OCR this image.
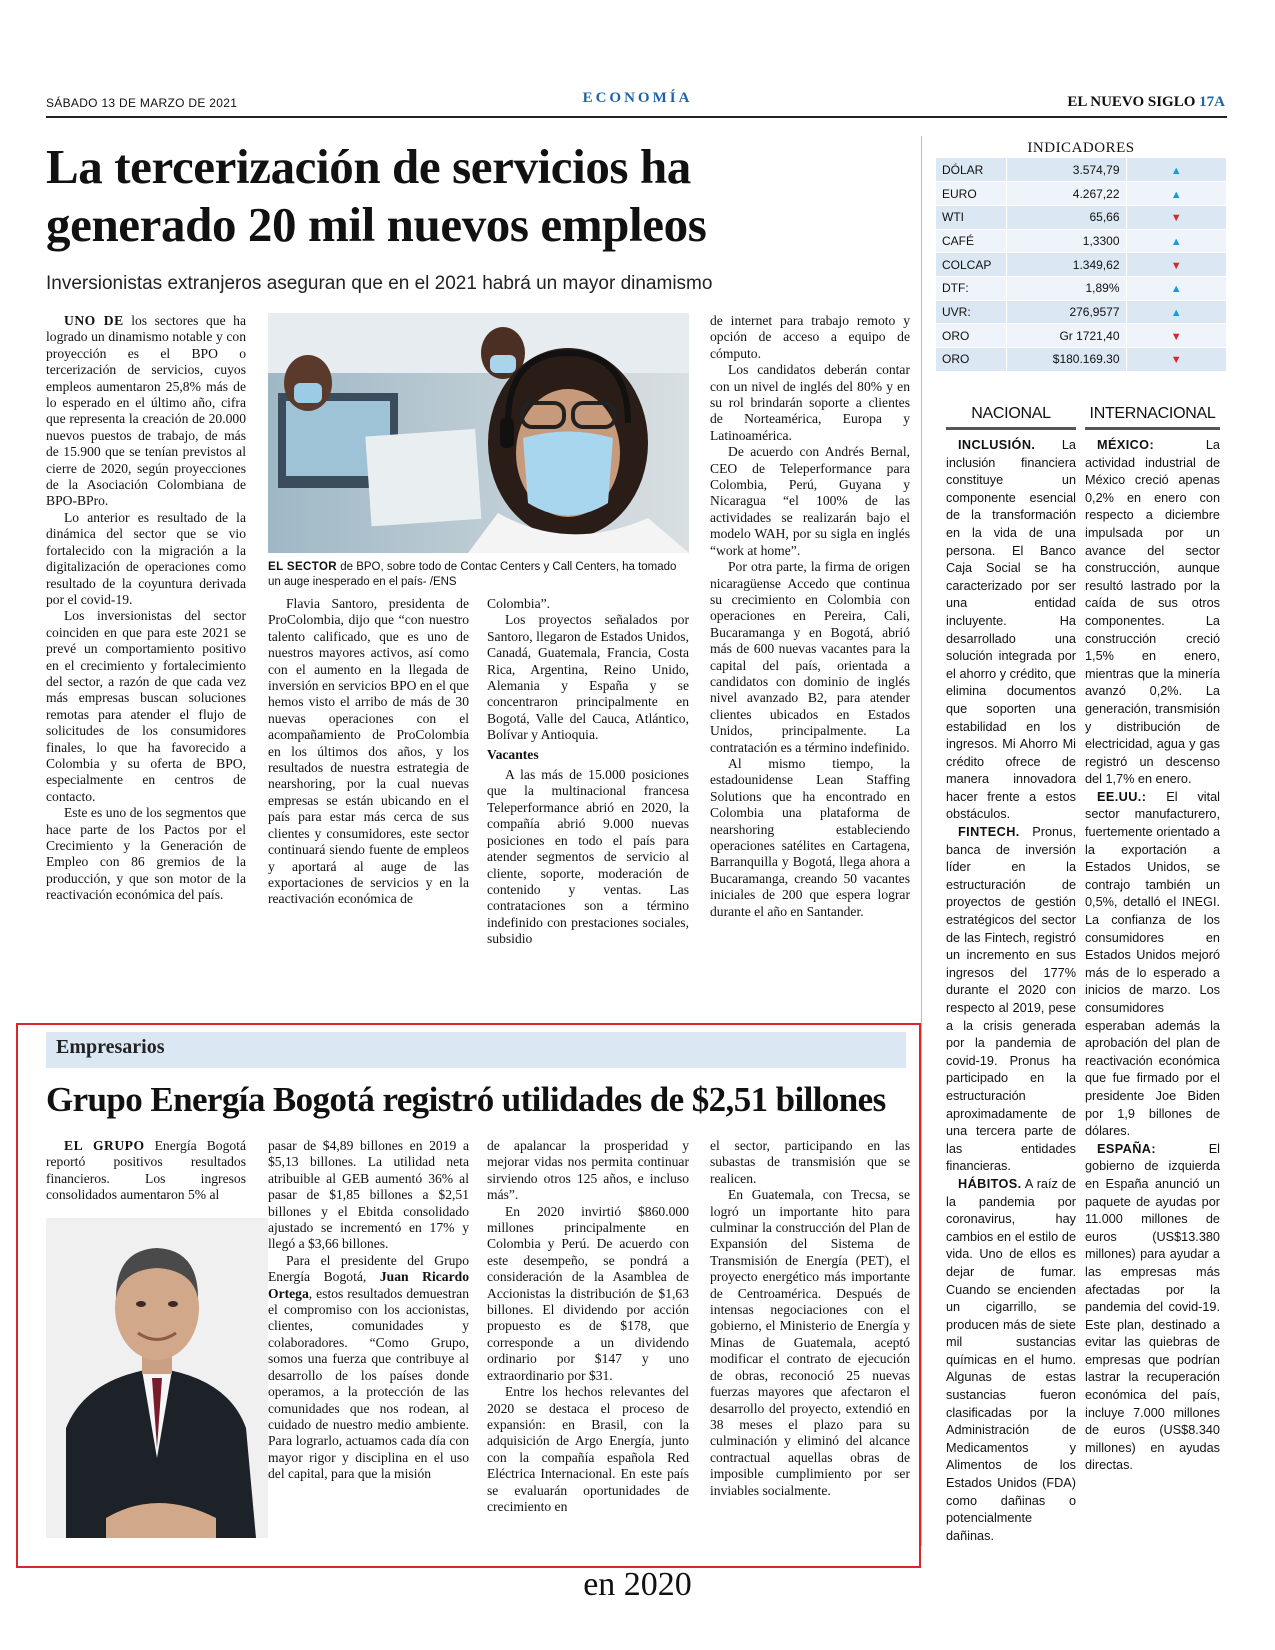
SÁBADO 13 DE MARZO DE 2021	ECONOMÍA	EL NUEVO SIGLO 17A
La tercerización de servicios ha generado 20 mil nuevos empleos
Inversionistas extranjeros aseguran que en el 2021 habrá un mayor dinamismo

UNO DE los sectores que ha logrado un dinamismo notable y con proyección es el BPO o tercerización de servicios, cuyos empleos aumentaron 25,8% más de lo esperado en el último año, cifra que representa la creación de 20.000 nuevos puestos de trabajo, de más de 15.900 que se tenían previstos al cierre de 2020, según proyecciones de la Asociación Colombiana de BPO-BPro.

Lo anterior es resultado de la dinámica del sector que se vio fortalecido con la migración a la digitalización de operaciones como resultado de la coyuntura derivada por el covid-19.

Los inversionistas del sector coinciden en que para este 2021 se prevé un comportamiento positivo en el crecimiento y fortalecimiento del sector, a razón de que cada vez más empresas buscan soluciones remotas para atender el flujo de solicitudes de los consumidores finales, lo que ha favorecido a Colombia y su oferta de BPO, especialmente en centros de contacto.

Este es uno de los segmentos que hace parte de los Pactos por el Crecimiento y la Generación de Empleo con 86 gremios de la producción, y que son motor de la reactivación económica del país.

EL SECTOR de BPO, sobre todo de Contac Centers y Call Centers, ha tomado un auge inesperado en el país- /ENS

Flavia Santoro, presidenta de ProColombia, dijo que “con nuestro talento calificado, que es uno de nuestros mayores activos, así como con el aumento en la llegada de inversión en servicios BPO en el que hemos visto el arribo de más de 30 nuevas operaciones con el acompañamiento de ProColombia en los últimos dos años, y los resultados de nuestra estrategia de nearshoring, por la cual nuevas empresas se están ubicando en el país para estar más cerca de sus clientes y consumidores, este sector continuará siendo fuente de empleos y aportará al auge de las exportaciones de servicios y en la reactivación económica de

Colombia”.

Los proyectos señalados por Santoro, llegaron de Estados Unidos, Canadá, Guatemala, Francia, Costa Rica, Argentina, Reino Unido, Alemania y España y se concentraron principalmente en Bogotá, Valle del Cauca, Atlántico, Bolívar y Antioquia.

Vacantes

A las más de 15.000 posiciones que la multinacional francesa Teleperformance abrió en 2020, la compañía abrió 9.000 nuevas posiciones en todo el país para atender segmentos de servicio al cliente, soporte, moderación de contenido y ventas. Las contrataciones son a término indefinido con prestaciones sociales, subsidio

de internet para trabajo remoto y opción de acceso a equipo de cómputo.

Los candidatos deberán contar con un nivel de inglés del 80% y en su rol brindarán soporte a clientes de Norteamérica, Europa y Latinoamérica.

De acuerdo con Andrés Bernal, CEO de Teleperformance para Colombia, Perú, Guyana y Nicaragua “el 100% de las actividades se realizarán bajo el modelo WAH, por su sigla en inglés “work at home”.

Por otra parte, la firma de origen nicaragüense Accedo que continua su crecimiento en Colombia con operaciones en Pereira, Cali, Bucaramanga y en Bogotá, abrió más de 600 nuevas vacantes para la capital del país, orientada a candidatos con dominio de inglés nivel avanzado B2, para atender clientes ubicados en Estados Unidos, principalmente. La contratación es a término indefinido.

Al mismo tiempo, la estadounidense Lean Staffing Solutions que ha encontrado en Colombia una plataforma de nearshoring estableciendo operaciones satélites en Cartagena, Barranquilla y Bogotá, llega ahora a Bucaramanga, creando 50 vacantes iniciales de 200 que espera lograr durante el año en Santander.

INDICADORES
DÓLAR	3.574,79	▲
EURO	4.267,22	▲
WTI	65,66	▼
CAFÉ	1,3300	▲
COLCAP	1.349,62	▼
DTF:	1,89%	▲
UVR:	276,9577	▲
ORO	Gr 1721,40	▼
ORO	$180.169.30	▼
NACIONAL

INCLUSIÓN. La inclusión financiera constituye un componente esencial de la transformación en la vida de una persona. El Banco Caja Social se ha caracterizado por ser una entidad incluyente. Ha desarrollado una solución integrada por el ahorro y crédito, que elimina documentos que soporten una estabilidad en los ingresos. Mi Ahorro Mi crédito ofrece de manera innovadora hacer frente a estos obstáculos.

FINTECH. Pronus, banca de inversión líder en la estructuración de proyectos de gestión estratégicos del sector de las Fintech, registró un incremento en sus ingresos del 177% durante el 2020 con respecto al 2019, pese a la crisis generada por la pandemia de covid-19. Pronus ha participado en la estructuración aproximadamente de una tercera parte de las entidades financieras.

HÁBITOS. A raíz de la pandemia por coronavirus, hay cambios en el estilo de vida. Uno de ellos es dejar de fumar. Cuando se encienden un cigarrillo, se producen más de siete mil sustancias químicas en el humo. Algunas de estas sustancias fueron clasificadas por la Administración de Medicamentos y Alimentos de los Estados Unidos (FDA) como dañinas o potencialmente dañinas.

INTERNACIONAL

MÉXICO:	La actividad industrial de México creció apenas 0,2% en enero con respecto a diciembre impulsada por un avance del sector construcción, aunque resultó lastrado por la caída de sus otros componentes. La construcción creció 1,5% en enero, mientras que la minería avanzó 0,2%. La generación, transmisión y distribución de electricidad, agua y gas registró un descenso del 1,7% en enero.

EE.UU.: El vital sector manufacturero, fuertemente orientado a la exportación a Estados Unidos, se contrajo también un 0,5%, detalló el INEGI. La confianza de los consumidores en Estados Unidos mejoró más de lo esperado a inicios de marzo. Los consumidores esperaban además la aprobación del plan de reactivación económica que fue firmado por el presidente Joe Biden por 1,9 billones de dólares.

ESPAÑA:	El gobierno de izquierda en España anunció un paquete de ayudas por 11.000 millones de euros (US$13.380 millones) para ayudar a las empresas más afectadas por la pandemia del covid-19. Este plan, destinado a evitar las quiebras de empresas que podrían lastrar la recuperación económica del país, incluye 7.000 millones de euros (US$8.340 millones) en ayudas directas.

Empresarios
Grupo Energía Bogotá registró utilidades de $2,51 billones

EL GRUPO Energía Bogotá reportó positivos resultados financieros. Los ingresos consolidados aumentaron 5% al

pasar de $4,89 billones en 2019 a $5,13 billones. La utilidad neta atribuible al GEB aumentó 36% al pasar de $1,85 billones a $2,51 billones y el Ebitda consolidado ajustado se incrementó en 17% y llegó a $3,66 billones.

Para el presidente del Grupo Energía Bogotá, Juan Ricardo Ortega, estos resultados demuestran el compromiso con los accionistas, clientes, comunidades y colaboradores. “Como Grupo, somos una fuerza que contribuye al desarrollo de los países donde operamos, a la protección de las comunidades que nos rodean, al cuidado de nuestro medio ambiente. Para lograrlo, actuamos cada día con mayor rigor y disciplina en el uso del capital, para que la misión

de apalancar la prosperidad y mejorar vidas nos permita continuar sirviendo otros 125 años, e incluso más”.

En 2020 invirtió $860.000 millones principalmente en Colombia y Perú. De acuerdo con este desempeño, se pondrá a consideración de la Asamblea de Accionistas la distribución de $1,63 billones. El dividendo por acción propuesto es de $178, que corresponde a un dividendo ordinario por $147 y uno extraordinario por $31.

Entre los hechos relevantes del 2020 se destaca el proceso de expansión: en Brasil, con la adquisición de Argo Energía, junto con la compañía española Red Eléctrica Internacional. En este país se evaluarán oportunidades de crecimiento en

el sector, participando en las subastas de transmisión que se realicen.

En Guatemala, con Trecsa, se logró un importante hito para culminar la construcción del Plan de Expansión del Sistema de Transmisión de Energía (PET), el proyecto energético más importante de Centroamérica. Después de intensas negociaciones con el gobierno, el Ministerio de Energía y Minas de Guatemala, aceptó modificar el contrato de ejecución de obras, reconoció 25 nuevas fuerzas mayores que afectaron el desarrollo del proyecto, extendió en 38 meses el plazo para su culminación y eliminó del alcance contractual aquellas obras de imposible cumplimiento por ser inviables socialmente.

en 2020
